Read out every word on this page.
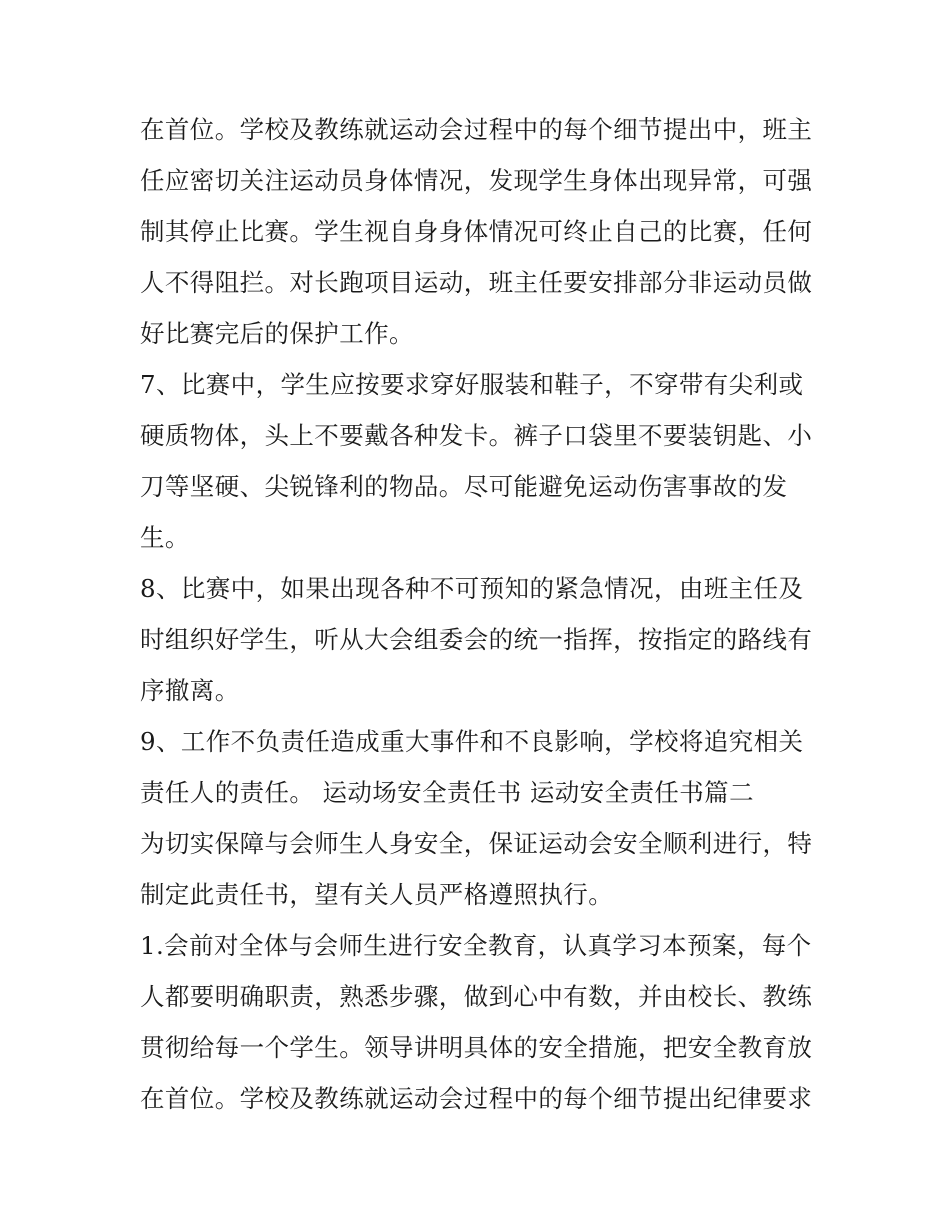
在首位。学校及教练就运动会过程中的每个细节提出中，班主
任应密切关注运动员身体情况，发现学生身体出现异常，可强
制其停止比赛。学生视自身身体情况可终止自己的比赛，任何
人不得阻拦。对长跑项目运动，班主任要安排部分非运动员做
好比赛完后的保护工作。
7、比赛中，学生应按要求穿好服装和鞋子，不穿带有尖利或
硬质物体，头上不要戴各种发卡。裤子口袋里不要装钥匙、小
刀等坚硬、尖锐锋利的物品。尽可能避免运动伤害事故的发
生。
8、比赛中，如果出现各种不可预知的紧急情况，由班主任及
时组织好学生，听从大会组委会的统一指挥，按指定的路线有
序撤离。
9、工作不负责任造成重大事件和不良影响，学校将追究相关
责任人的责任。 运动场安全责任书 运动安全责任书篇二
为切实保障与会师生人身安全，保证运动会安全顺利进行，特
制定此责任书，望有关人员严格遵照执行。
1.会前对全体与会师生进行安全教育，认真学习本预案，每个
人都要明确职责，熟悉步骤，做到心中有数，并由校长、教练
贯彻给每一个学生。领导讲明具体的安全措施，把安全教育放
在首位。学校及教练就运动会过程中的每个细节提出纪律要求
